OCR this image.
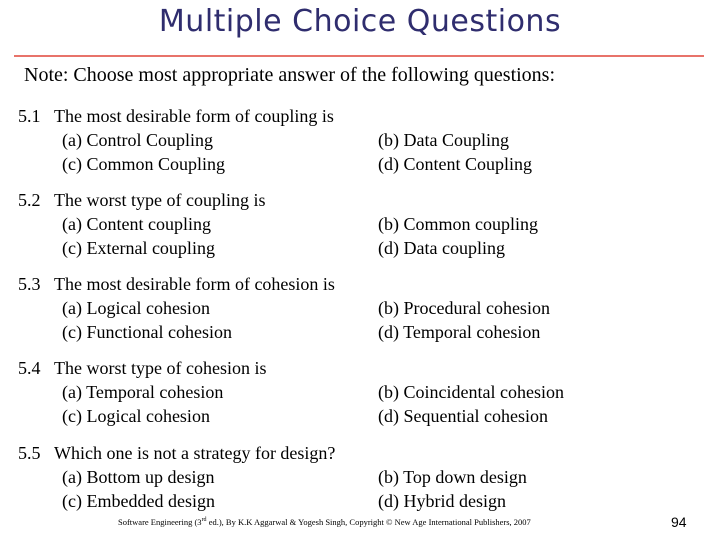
Multiple Choice Questions
Note: Choose most appropriate answer of the following questions:
5.1 The most desirable form of coupling is
(a) Control Coupling	(b) Data Coupling
(c) Common Coupling	(d) Content Coupling
5.2 The worst type of coupling is
(a) Content coupling	(b) Common coupling
(c) External coupling	(d) Data coupling
5.3 The most desirable form of cohesion is
(a) Logical cohesion	(b) Procedural cohesion
(c) Functional cohesion	(d) Temporal cohesion
5.4 The worst type of cohesion is
(a) Temporal cohesion	(b) Coincidental cohesion
(c) Logical cohesion	(d) Sequential cohesion
5.5 Which one is not a strategy for design?
(a) Bottom up design	(b) Top down design
(c) Embedded design	(d) Hybrid design
Software Engineering (3rd ed.), By K.K Aggarwal & Yogesh Singh, Copyright © New Age International Publishers, 2007	94
